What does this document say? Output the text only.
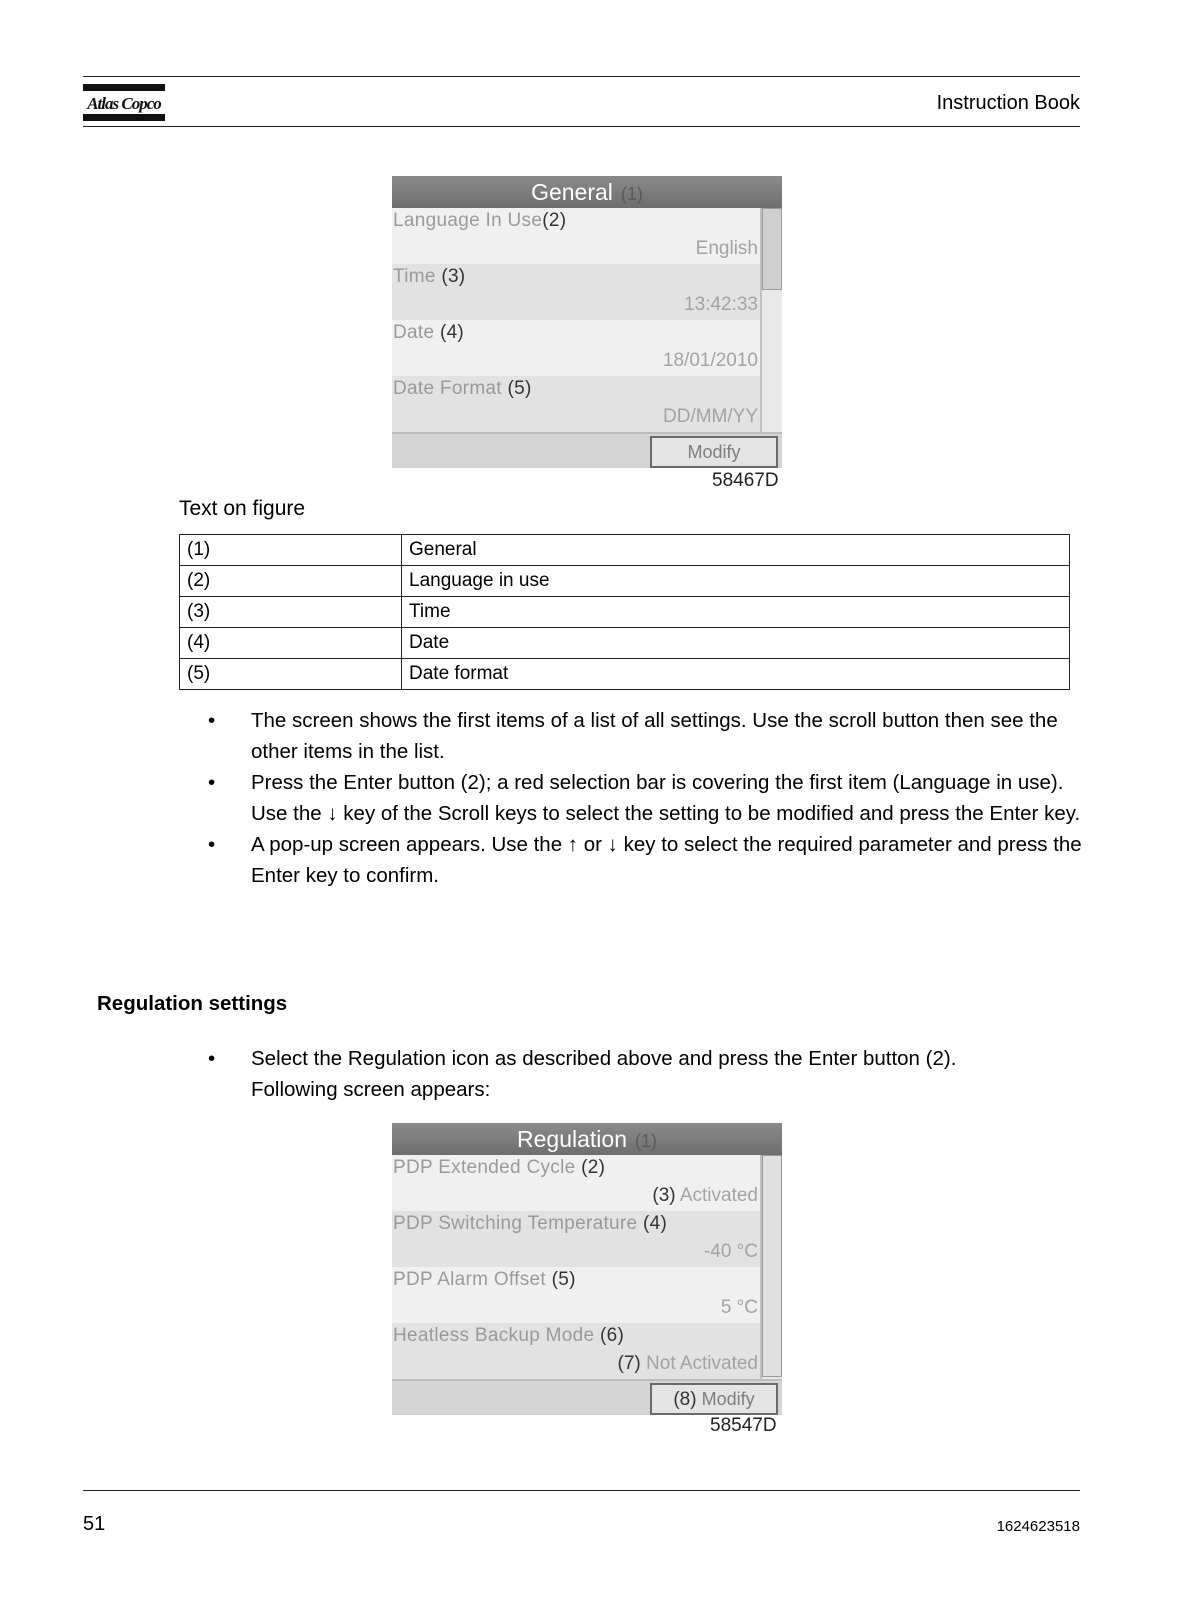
Atlas Copco	Instruction Book
General (1)
Language In Use(2)
English
Time (3)
13:42:33
Date (4)
18/01/2010
Date Format (5)
DD/MM/YY
Modify
58467D
Text on figure
(1)	General
(2)	Language in use
(3)	Time
(4)	Date
(5)	Date format
• The screen shows the first items of a list of all settings. Use the scroll button then see the other items in the list.
• Press the Enter button (2); a red selection bar is covering the first item (Language in use).
Use the ↓ key of the Scroll keys to select the setting to be modified and press the Enter key.
• A pop-up screen appears. Use the ↑ or ↓ key to select the required parameter and press the Enter key to confirm.
Regulation settings
• Select the Regulation icon as described above and press the Enter button (2).
Following screen appears:
Regulation (1)
PDP Extended Cycle (2)
(3) Activated
PDP Switching Temperature (4)
-40 °C
PDP Alarm Offset (5)
5 °C
Heatless Backup Mode (6)
(7) Not Activated
(8) Modify
58547D
51	1624623518
